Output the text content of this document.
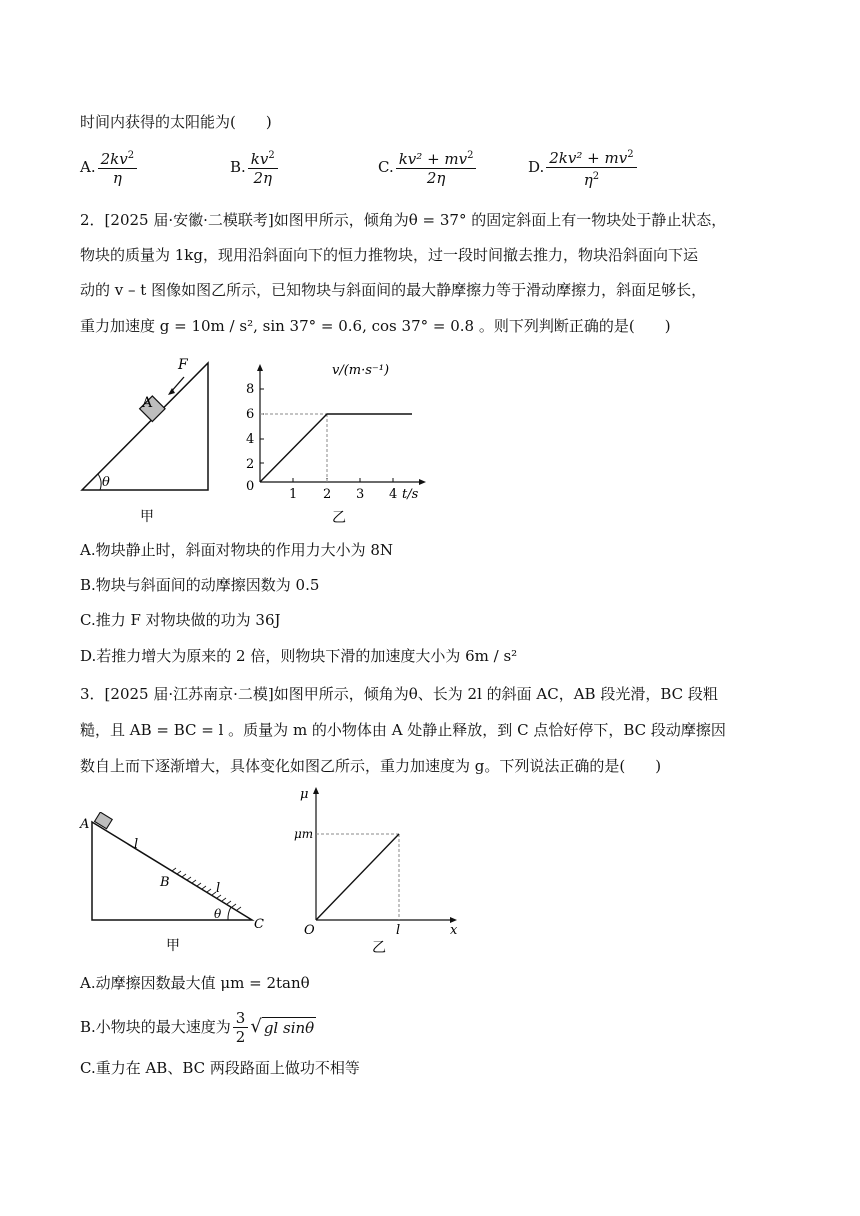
时间内获得的太阳能为(　　)
A. $\frac{2kv^2}{\eta}$	B. $\frac{kv^2}{2\eta}$	C. $\frac{kv^2 + mv^2}{2\eta}$	D. $\frac{2kv^2 + mv^2}{\eta^2}$
2．[2025 届·安徽·二模联考]如图甲所示，倾角为θ = 37° 的固定斜面上有一物块处于静止状态，
物块的质量为 1kg，现用沿斜面向下的恒力推物块，过一段时间撤去推力，物块沿斜面向下运
动的 v – t 图像如图乙所示，已知物块与斜面间的最大静摩擦力等于滑动摩擦力，斜面足够长，
重力加速度 g = 10m / s², sin 37° = 0.6, cos 37° = 0.8 。则下列判断正确的是(　　)
A
F
θ
甲
v/(m·s⁻¹)
t/s
8
6
4
2
0
1 2 3 4
乙
A.物块静止时，斜面对物块的作用力大小为 8N
B.物块与斜面间的动摩擦因数为 0.5
C.推力 F 对物块做的功为 36J
D.若推力增大为原来的 2 倍，则物块下滑的加速度大小为 6m / s²
3．[2025 届·江苏南京·二模]如图甲所示，倾角为θ、长为 2l 的斜面 AC，AB 段光滑，BC 段粗
糙，且 AB = BC = l 。质量为 m 的小物体由 A 处静止释放，到 C 点恰好停下，BC 段动摩擦因
数自上而下逐渐增大，具体变化如图乙所示，重力加速度为 g。下列说法正确的是(　　)
A
B
C
l
l
θ
甲
μ
μm
O	l	x
乙
A.动摩擦因数最大值 μm = 2tanθ
B.小物块的最大速度为 $\frac{3}{2}$ √ gl sinθ
C.重力在 AB、BC 两段路面上做功不相等
